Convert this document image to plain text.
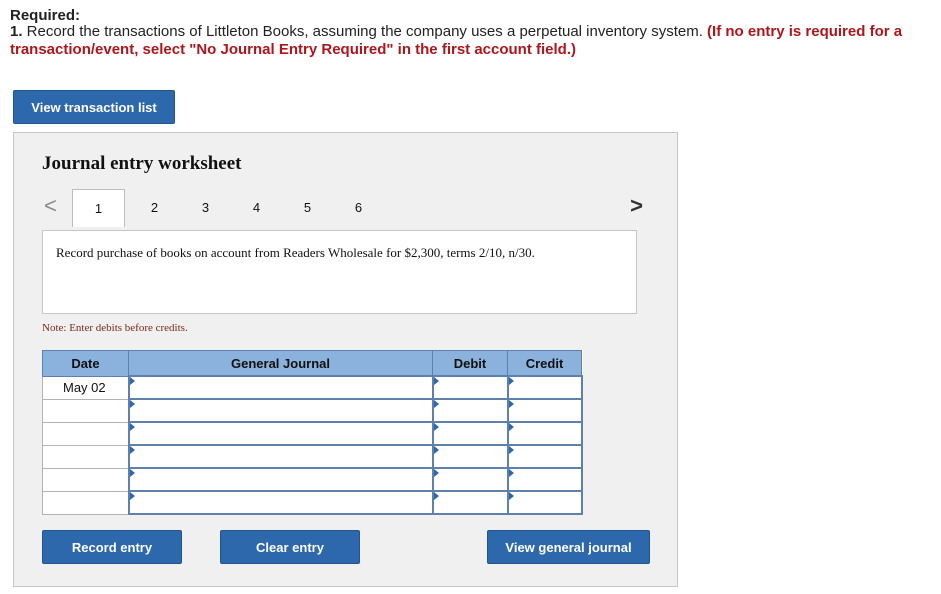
Required:
1. Record the transactions of Littleton Books, assuming the company uses a perpetual inventory system. (If no entry is required for a transaction/event, select "No Journal Entry Required" in the first account field.)
View transaction list
Journal entry worksheet
<	1	2	3	4	5	6	>
Record purchase of books on account from Readers Wholesale for $2,300, terms 2/10, n/30.
Note: Enter debits before credits.
Date	General Journal	Debit	Credit
May 02	

Record entry	Clear entry	View general journal
